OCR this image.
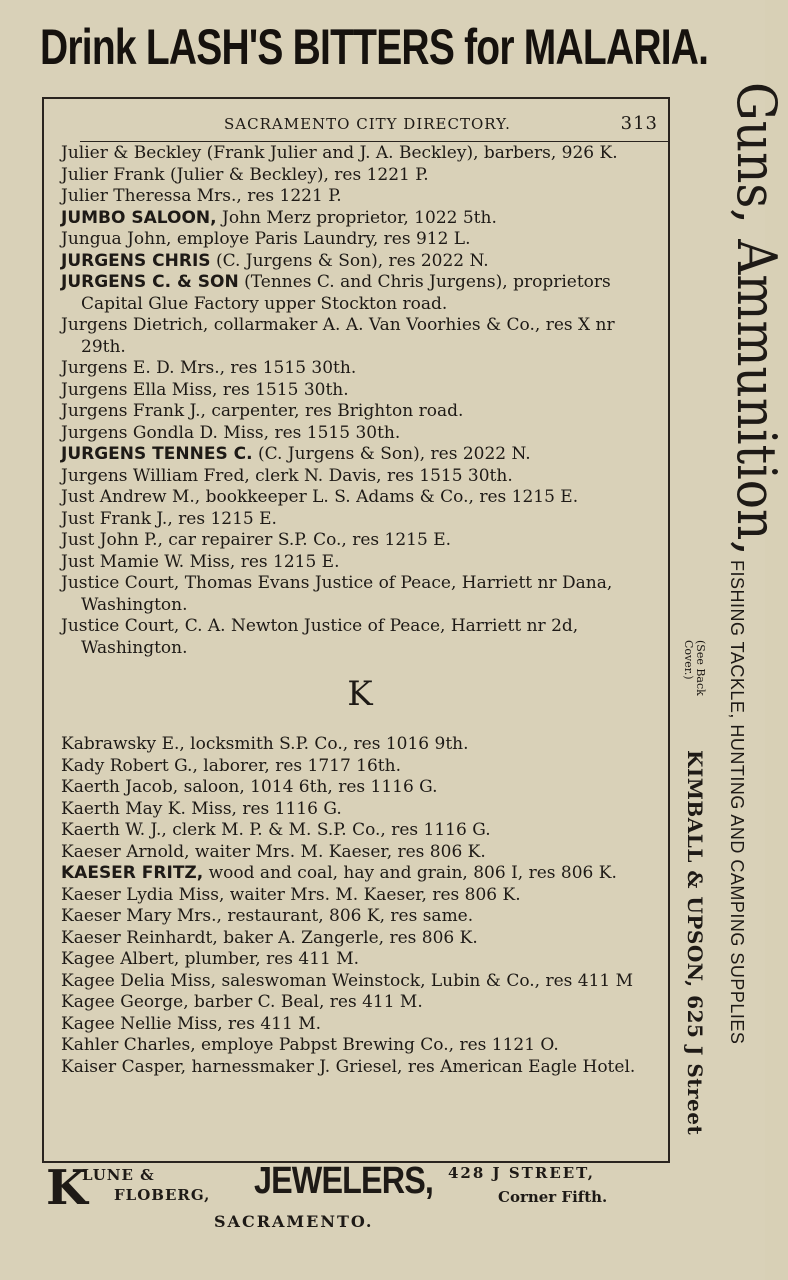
Drink LASH'S BITTERS for MALARIA.
SACRAMENTO CITY DIRECTORY.	313
Julier & Beckley (Frank Julier and J. A. Beckley), barbers, 926 K.
Julier Frank (Julier & Beckley), res 1221 P.
Julier Theressa Mrs., res 1221 P.
JUMBO SALOON, John Merz proprietor, 1022 5th.
Jungua John, employe Paris Laundry, res 912 L.
JURGENS CHRIS (C. Jurgens & Son), res 2022 N.
JURGENS C. & SON (Tennes C. and Chris Jurgens), proprietors Capital Glue Factory upper Stockton road.
Jurgens Dietrich, collarmaker A. A. Van Voorhies & Co., res X nr 29th.
Jurgens E. D. Mrs., res 1515 30th.
Jurgens Ella Miss, res 1515 30th.
Jurgens Frank J., carpenter, res Brighton road.
Jurgens Gondla D. Miss, res 1515 30th.
JURGENS TENNES C. (C. Jurgens & Son), res 2022 N.
Jurgens William Fred, clerk N. Davis, res 1515 30th.
Just Andrew M., bookkeeper L. S. Adams & Co., res 1215 E.
Just Frank J., res 1215 E.
Just John P., car repairer S.P. Co., res 1215 E.
Just Mamie W. Miss, res 1215 E.
Justice Court, Thomas Evans Justice of Peace, Harriett nr Dana, Washington.
Justice Court, C. A. Newton Justice of Peace, Harriett nr 2d, Washington.
K
Kabrawsky E., locksmith S.P. Co., res 1016 9th.
Kady Robert G., laborer, res 1717 16th.
Kaerth Jacob, saloon, 1014 6th, res 1116 G.
Kaerth May K. Miss, res 1116 G.
Kaerth W. J., clerk M. P. & M. S.P. Co., res 1116 G.
Kaeser Arnold, waiter Mrs. M. Kaeser, res 806 K.
KAESER FRITZ, wood and coal, hay and grain, 806 I, res 806 K.
Kaeser Lydia Miss, waiter Mrs. M. Kaeser, res 806 K.
Kaeser Mary Mrs., restaurant, 806 K, res same.
Kaeser Reinhardt, baker A. Zangerle, res 806 K.
Kagee Albert, plumber, res 411 M.
Kagee Delia Miss, saleswoman Weinstock, Lubin & Co., res 411 M
Kagee George, barber C. Beal, res 411 M.
Kagee Nellie Miss, res 411 M.
Kahler Charles, employe Pabpst Brewing Co., res 1121 O.
Kaiser Casper, harnessmaker J. Griesel, res American Eagle Hotel.
K
LUNE &
FLOBERG, JEWELERS, 428 J STREET,
Corner Fifth.
SACRAMENTO.
Guns, Ammunition,
(See Back
Cover.)	FISHING TACKLE, HUNTING AND CAMPING SUPPLIES
KIMBALL & UPSON, 625 J Street
